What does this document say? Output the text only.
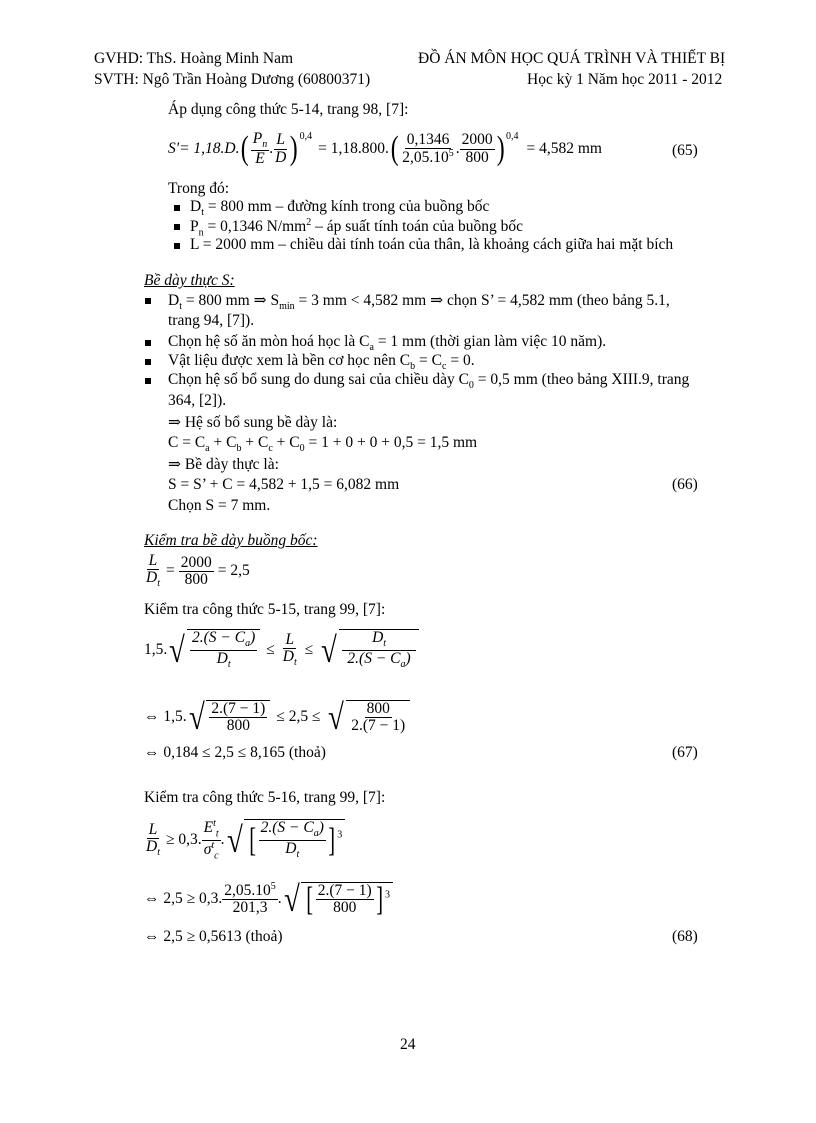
GVHD: ThS. Hoàng Minh Nam
SVTH: Ngô Trần Hoàng Dương (60800371)
ĐỒ ÁN MÔN HỌC QUÁ TRÌNH VÀ THIẾT BỊ
Học kỳ 1 Năm học 2011 - 2012
Áp dụng công thức 5-14, trang 98, [7]:
S'= 1,18.D. ( $\frac{P_n}{E}$ . $\frac{L}{D} )^{0,4}$
= 1,18.800. ( $\frac{0,1346}{2,05.10^5}$ . $\frac{2000}{800} )^{0,4}$
= 4,582 mm	(65)
Trong đó:
$D_t = 800$ mm – đường kính trong của buồng bốc
$P_n = 0,1346$ $N/mm^2$ – áp suất tính toán của buồng bốc
L = 2000 mm – chiều dài tính toán của thân, là khoảng cách giữa hai mặt bích
Bề dày thực S:
$D_t = 800$ mm ⇒ $S_{min} = 3$ mm < 4,582 mm ⇒ chọn S’ = 4,582 mm (theo bảng 5.1,
trang 94, [7]).
Chọn hệ số ăn mòn hoá học là $C_a = 1$ mm (thời gian làm việc 10 năm).
Vật liệu được xem là bền cơ học nên $C_b = C_c = 0$.
Chọn hệ số bổ sung do dung sai của chiều dày $C_0 = 0,5$ mm (theo bảng XIII.9, trang
364, [2]).
⇒ Hệ số bổ sung bề dày là:
$C = C_a + C_b + C_c + C_0 = 1 + 0 + 0 + 0,5 = 1,5$ mm
⇒ Bề dày thực là:
S = S’ + C = 4,582 + 1,5 = 6,082 mm	(66)
Chọn S = 7 mm.
Kiểm tra bề dày buồng bốc:
$\frac{L}{D_t} = \frac{2000}{800} = 2,5$
Kiểm tra công thức 5-15, trang 99, [7]:
1,5. √ $\frac{2.(S - C_a)}{D_t} \le \frac{L}{D_t}$ ≤ √ $\frac{D_t}{2.(S - C_a)}$
⇔ 1,5. √ $\frac{2.(7 - 1)}{800} \le 2,5$ ≤ √ $\frac{800}{2.(7 - 1)}$
⇔ 0,184 ≤ 2,5 ≤ 8,165 (thoả)	(67)
Kiểm tra công thức 5-16, trang 99, [7]:
$\frac{L}{D_t} \ge 0,3$. $\frac{E^t_t}{\sigma^t_c}$ . √ [ $\frac{2.(S - C_a)}{D_t}$ ] $^3$
⇔ 2,5 ≥ 0,3. $\frac{2,05.10^5}{201,3}$ . √ [ $\frac{2.(7 - 1)}{800}$ ] $^3$
⇔ 2,5 ≥ 0,5613 (thoả)	(68)
24
